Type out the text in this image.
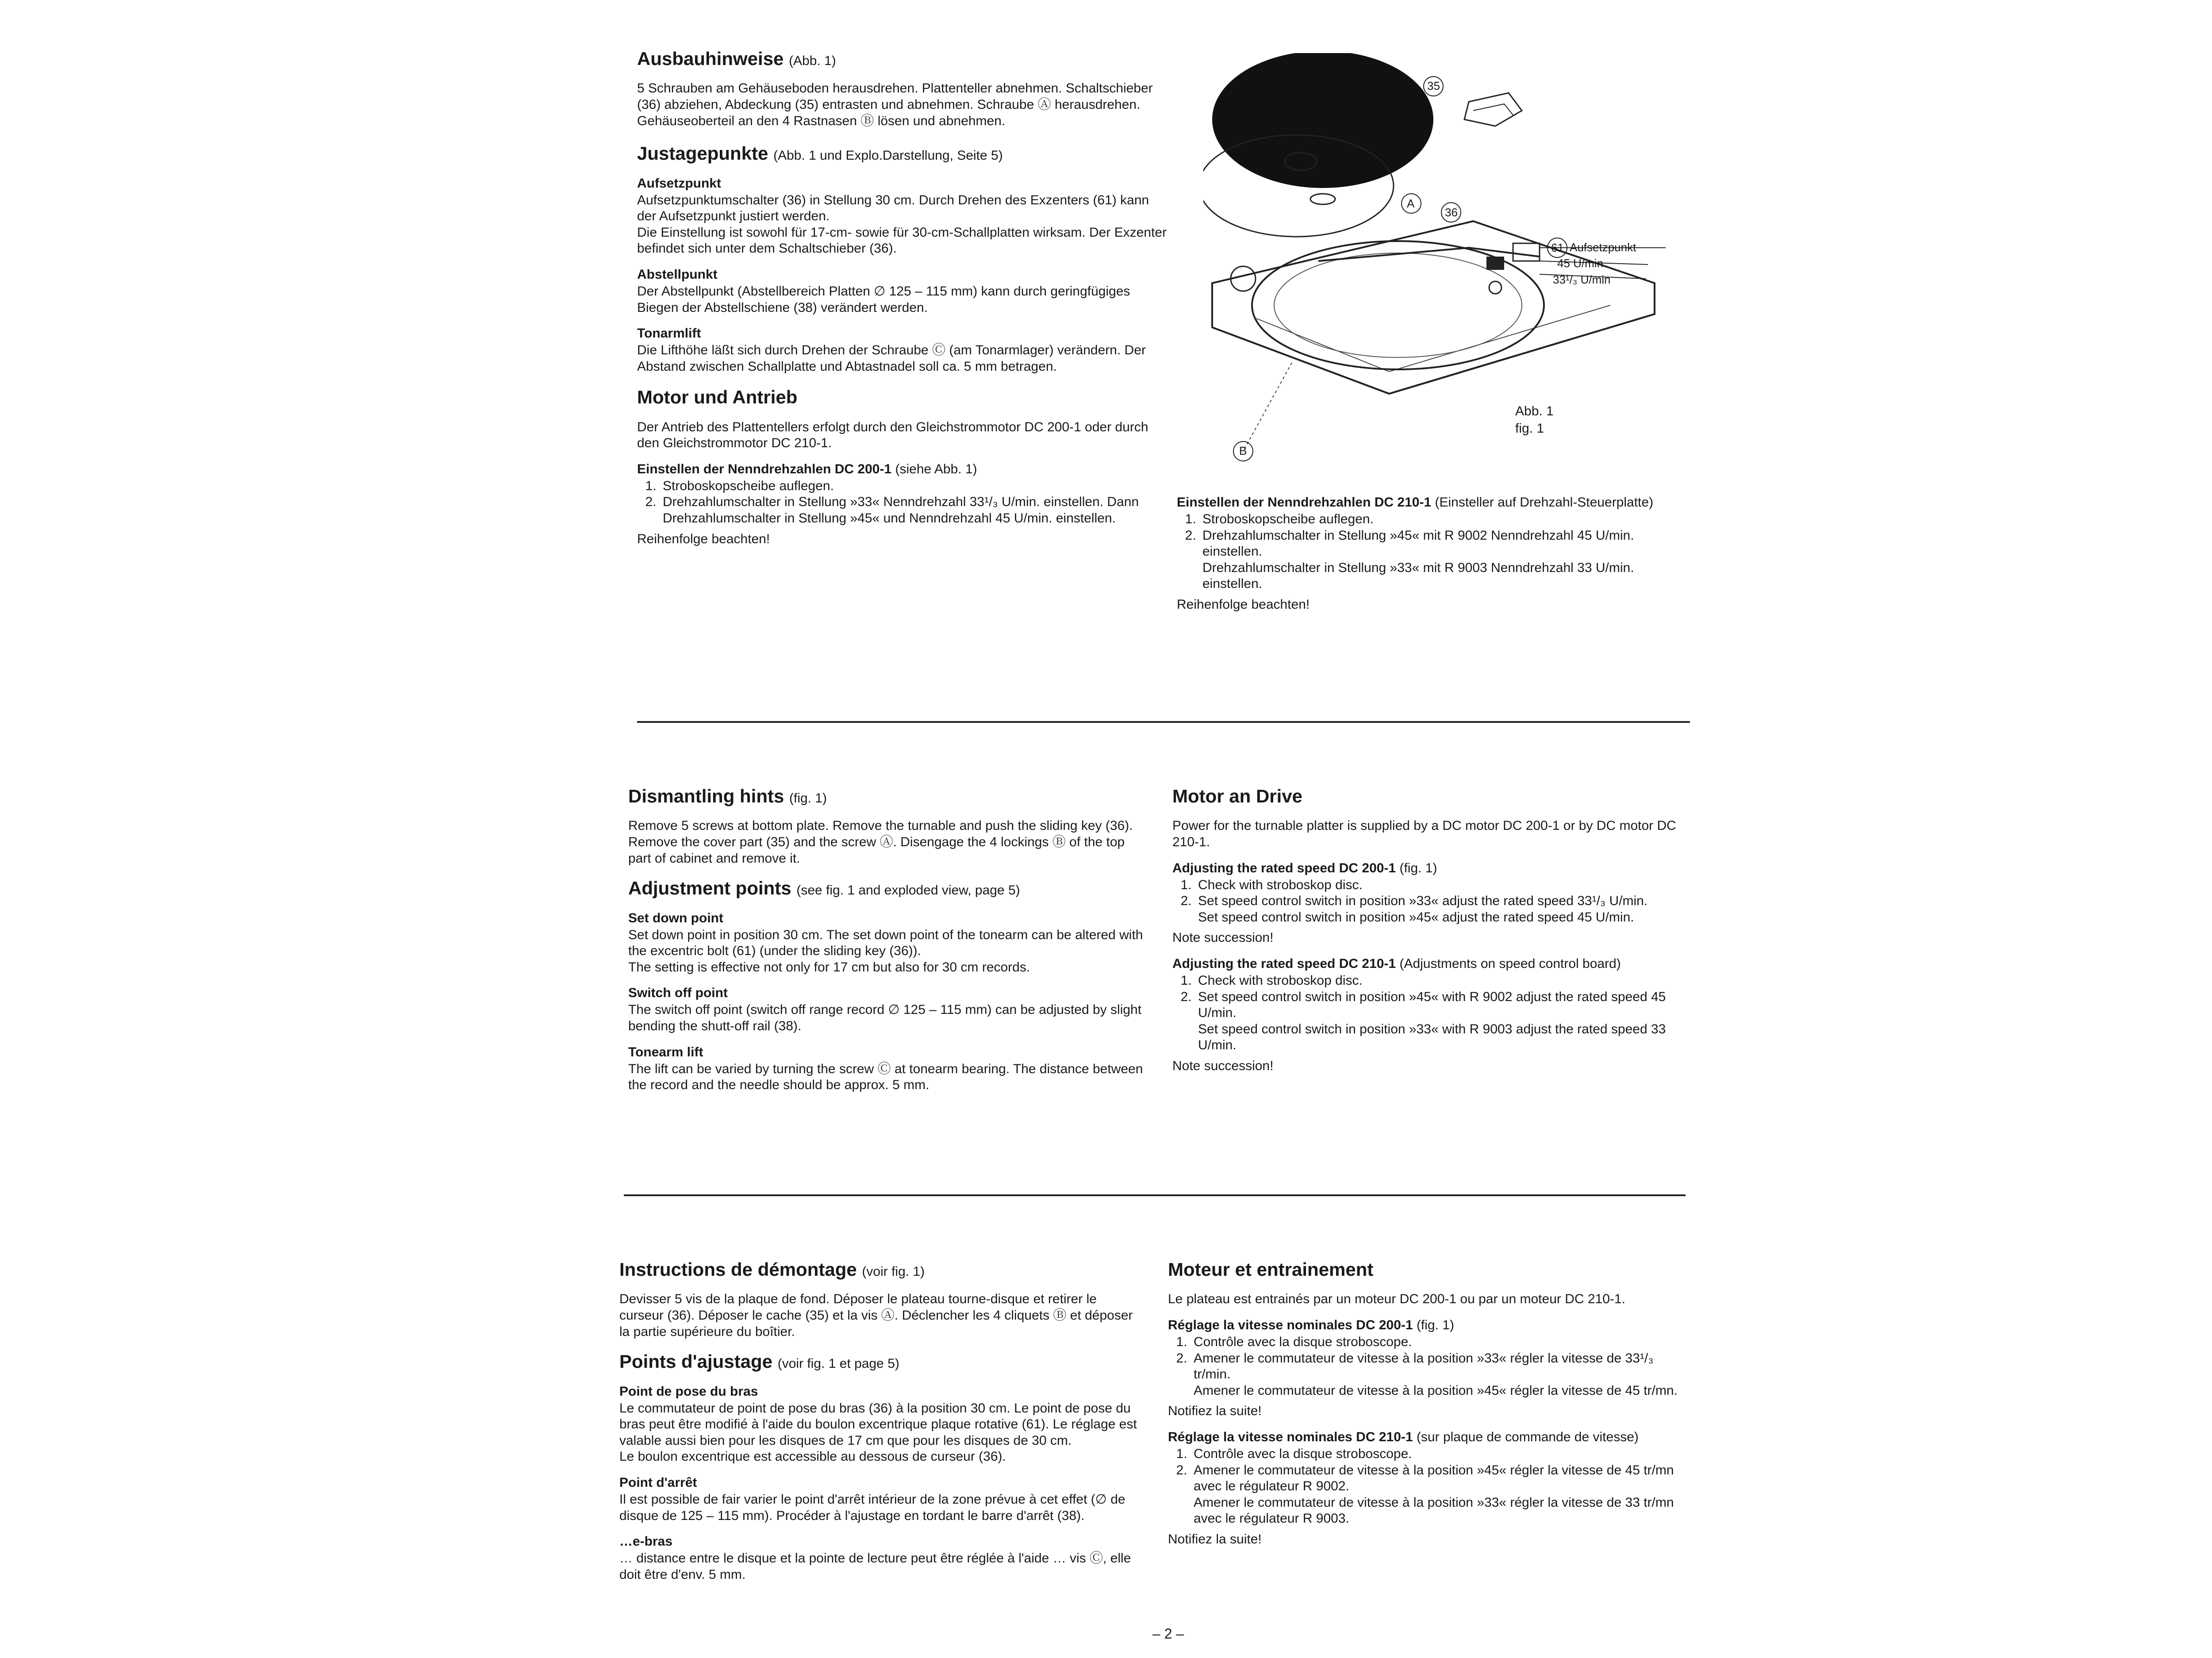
Ausbauhinweise (Abb. 1)
5 Schrauben am Gehäuseboden herausdrehen. Plattenteller abnehmen. Schaltschieber (36) abziehen, Abdeckung (35) entrasten und abnehmen. Schraube Ⓐ herausdrehen. Gehäuseoberteil an den 4 Rastnasen Ⓑ lösen und abnehmen.
Justagepunkte (Abb. 1 und Explo.Darstellung, Seite 5)
Aufsetzpunkt
Aufsetzpunktumschalter (36) in Stellung 30 cm. Durch Drehen des Exzenters (61) kann der Aufsetzpunkt justiert werden.
Die Einstellung ist sowohl für 17-cm- sowie für 30-cm-Schallplatten wirksam. Der Exzenter befindet sich unter dem Schaltschieber (36).
Abstellpunkt
Der Abstellpunkt (Abstellbereich Platten ∅ 125 – 115 mm) kann durch geringfügiges Biegen der Abstellschiene (38) verändert werden.
Tonarmlift
Die Lifthöhe läßt sich durch Drehen der Schraube Ⓒ (am Tonarmlager) verändern. Der Abstand zwischen Schallplatte und Abtastnadel soll ca. 5 mm betragen.
Motor und Antrieb
Der Antrieb des Plattentellers erfolgt durch den Gleichstrommotor DC 200-1 oder durch den Gleichstrommotor DC 210-1.
Einstellen der Nenndrehzahlen DC 200-1 (siehe Abb. 1)
1. Stroboskopscheibe auflegen.
2. Drehzahlumschalter in Stellung »33« Nenndrehzahl 33¹/₃ U/min. einstellen. Dann Drehzahlumschalter in Stellung »45« und Nenndrehzahl 45 U/min. einstellen.
Reihenfolge beachten!
35
A
36
61 Aufsetzpunkt
45 U/min
33¹/₃ U/min
B
Abb. 1
fig. 1
Einstellen der Nenndrehzahlen DC 210-1 (Einsteller auf Drehzahl-Steuerplatte)
1. Stroboskopscheibe auflegen.
2. Drehzahlumschalter in Stellung »45« mit R 9002 Nenndrehzahl 45 U/min. einstellen.
Drehzahlumschalter in Stellung »33« mit R 9003 Nenndrehzahl 33 U/min. einstellen.
Reihenfolge beachten!
Dismantling hints (fig. 1)
Remove 5 screws at bottom plate. Remove the turnable and push the sliding key (36). Remove the cover part (35) and the screw Ⓐ. Disengage the 4 lockings Ⓑ of the top part of cabinet and remove it.
Adjustment points (see fig. 1 and exploded view, page 5)
Set down point
Set down point in position 30 cm. The set down point of the tonearm can be altered with the excentric bolt (61) (under the sliding key (36)).
The setting is effective not only for 17 cm but also for 30 cm records.
Switch off point
The switch off point (switch off range record ∅ 125 – 115 mm) can be adjusted by slight bending the shutt-off rail (38).
Tonearm lift
The lift can be varied by turning the screw Ⓒ at tonearm bearing. The distance between the record and the needle should be approx. 5 mm.
Motor an Drive
Power for the turnable platter is supplied by a DC motor DC 200-1 or by DC motor DC 210-1.
Adjusting the rated speed DC 200-1 (fig. 1)
1. Check with stroboskop disc.
2. Set speed control switch in position »33« adjust the rated speed 33¹/₃ U/min.
Set speed control switch in position »45« adjust the rated speed 45 U/min.
Note succession!
Adjusting the rated speed DC 210-1 (Adjustments on speed control board)
1. Check with stroboskop disc.
2. Set speed control switch in position »45« with R 9002 adjust the rated speed 45 U/min.
Set speed control switch in position »33« with R 9003 adjust the rated speed 33 U/min.
Note succession!
Instructions de démontage (voir fig. 1)
Devisser 5 vis de la plaque de fond. Déposer le plateau tourne-disque et retirer le curseur (36). Déposer le cache (35) et la vis Ⓐ. Déclencher les 4 cliquets Ⓑ et déposer la partie supérieure du boîtier.
Points d'ajustage (voir fig. 1 et page 5)
Point de pose du bras
Le commutateur de point de pose du bras (36) à la position 30 cm. Le point de pose du bras peut être modifié à l'aide du boulon excentrique plaque rotative (61). Le réglage est valable aussi bien pour les disques de 17 cm que pour les disques de 30 cm.
Le boulon excentrique est accessible au dessous de curseur (36).
Point d'arrêt
Il est possible de fair varier le point d'arrêt intérieur de la zone prévue à cet effet (∅ de disque de 125 – 115 mm). Procéder à l'ajustage en tordant le barre d'arrêt (38).
…e-bras
… distance entre le disque et la pointe de lecture peut être réglée à l'aide … vis Ⓒ, elle doit être d'env. 5 mm.
Moteur et entrainement
Le plateau est entrainés par un moteur DC 200-1 ou par un moteur DC 210-1.
Réglage la vitesse nominales DC 200-1 (fig. 1)
1. Contrôle avec la disque stroboscope.
2. Amener le commutateur de vitesse à la position »33« régler la vitesse de 33¹/₃ tr/min.
Amener le commutateur de vitesse à la position »45« régler la vitesse de 45 tr/mn.
Notifiez la suite!
Réglage la vitesse nominales DC 210-1 (sur plaque de commande de vitesse)
1. Contrôle avec la disque stroboscope.
2. Amener le commutateur de vitesse à la position »45« régler la vitesse de 45 tr/mn avec le régulateur R 9002.
Amener le commutateur de vitesse à la position »33« régler la vitesse de 33 tr/mn avec le régulateur R 9003.
Notifiez la suite!
– 2 –
